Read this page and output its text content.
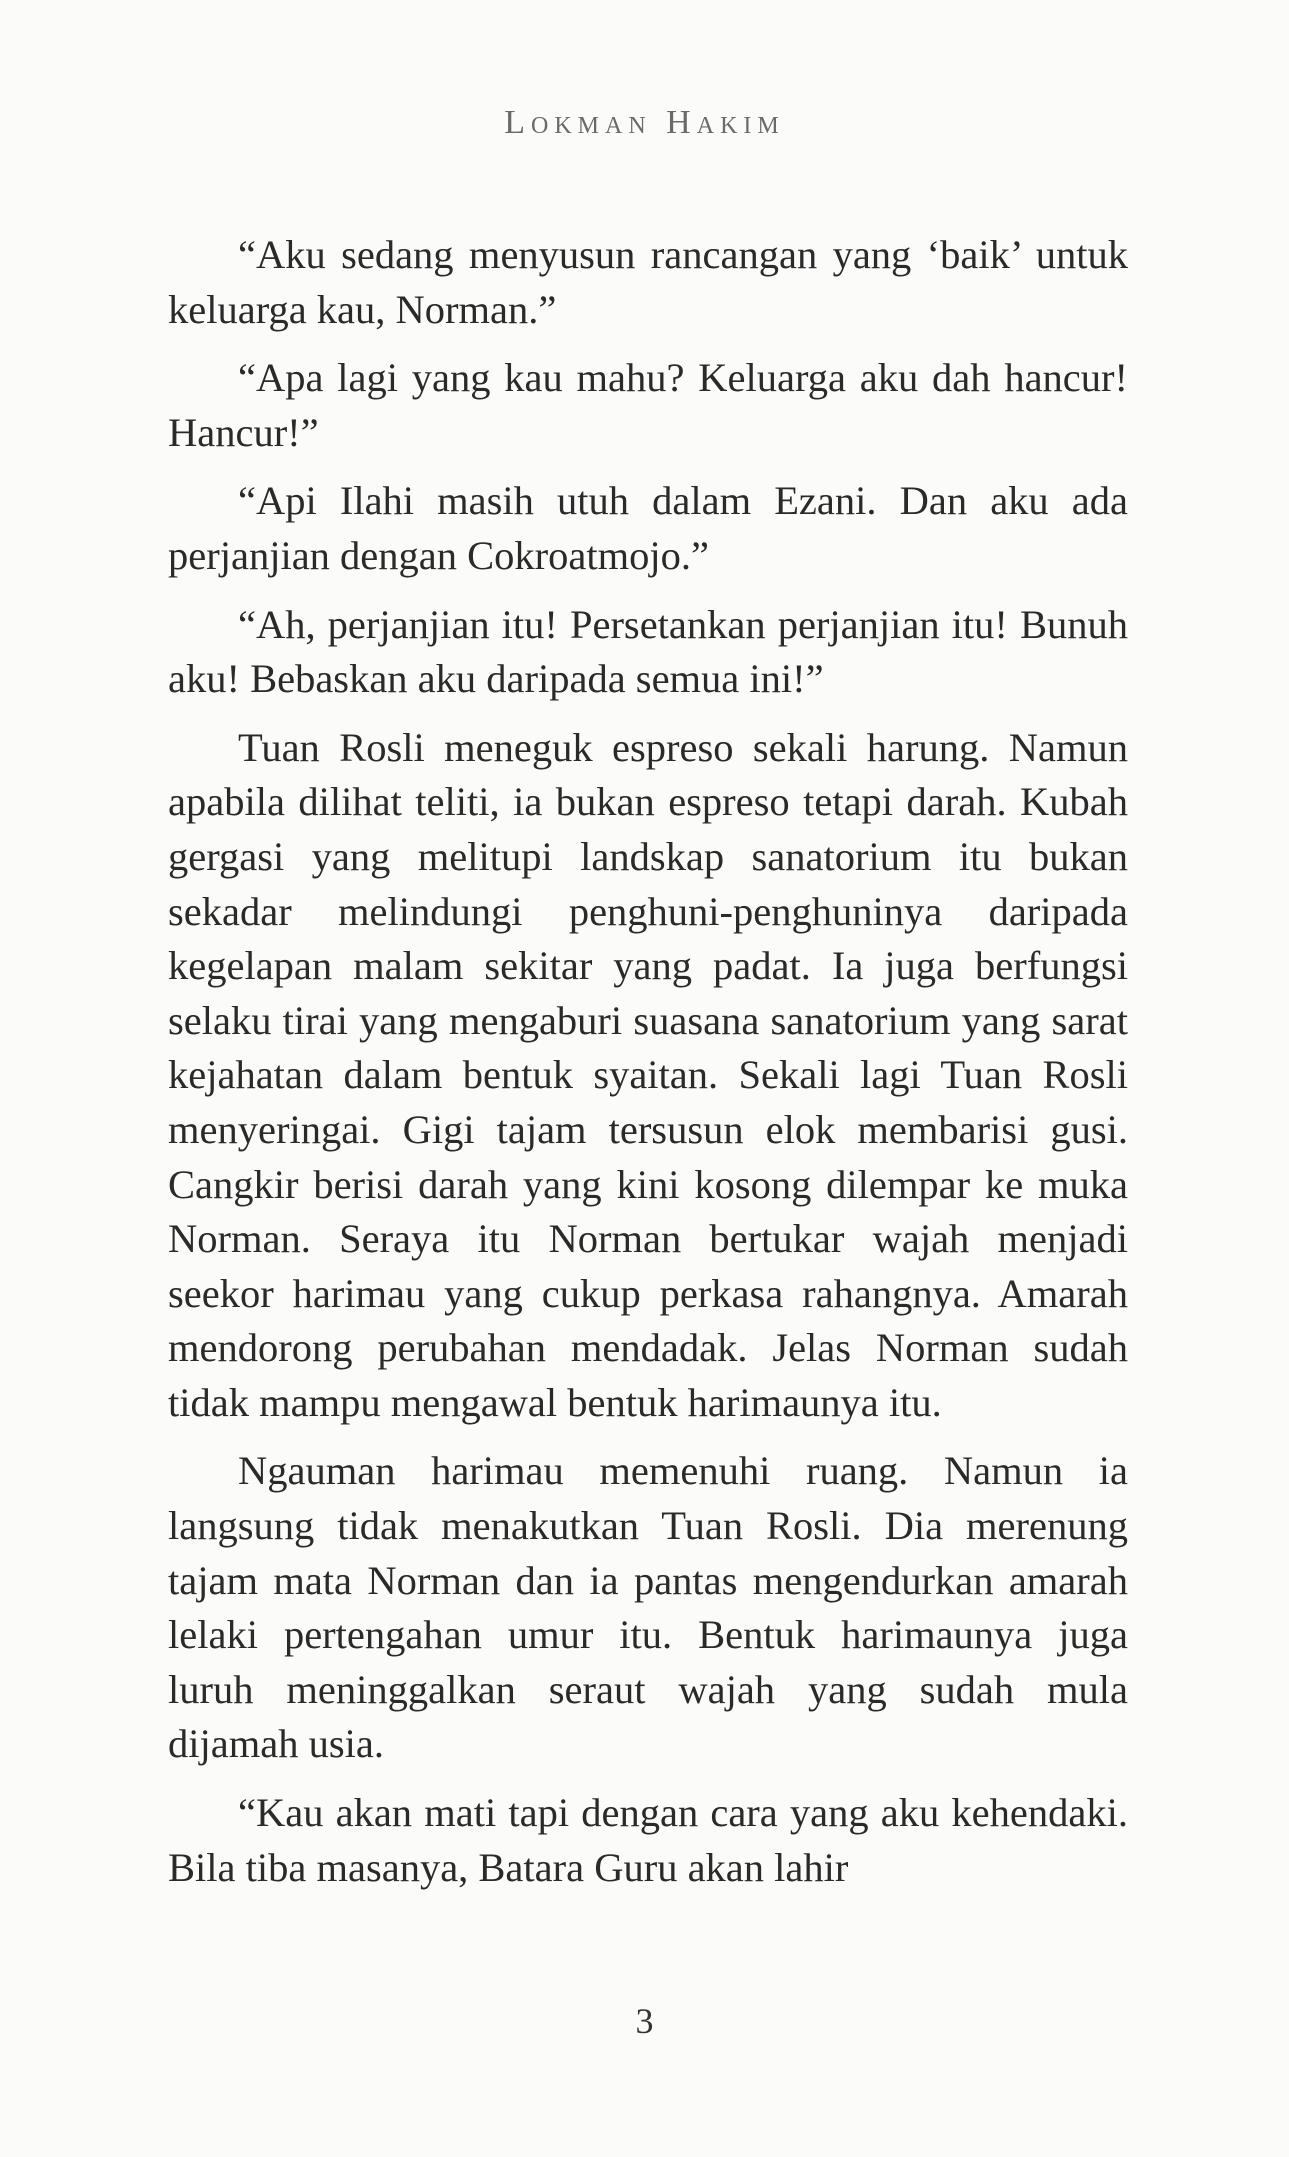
Lokman Hakim

“Aku sedang menyusun rancangan yang ‘baik’ untuk keluarga kau, Norman.”

“Apa lagi yang kau mahu? Keluarga aku dah hancur! Hancur!”

“Api Ilahi masih utuh dalam Ezani. Dan aku ada perjanjian dengan Cokroatmojo.”

“Ah, perjanjian itu! Persetankan perjanjian itu! Bunuh aku! Bebaskan aku daripada semua ini!”

Tuan Rosli meneguk espreso sekali harung. Namun apabila dilihat teliti, ia bukan espreso tetapi darah. Kubah gergasi yang melitupi landskap sanatorium itu bukan sekadar melindungi penghuni-penghuninya daripada kegelapan malam sekitar yang padat. Ia juga berfungsi selaku tirai yang mengaburi suasana sanatorium yang sarat kejahatan dalam bentuk syaitan. Sekali lagi Tuan Rosli menyeringai. Gigi tajam tersusun elok membarisi gusi. Cangkir berisi darah yang kini kosong dilempar ke muka Norman. Seraya itu Norman bertukar wajah menjadi seekor harimau yang cukup perkasa rahangnya. Amarah mendorong perubahan mendadak. Jelas Norman sudah tidak mampu mengawal bentuk harimaunya itu.

Ngauman harimau memenuhi ruang. Namun ia langsung tidak menakutkan Tuan Rosli. Dia merenung tajam mata Norman dan ia pantas mengendurkan amarah lelaki pertengahan umur itu. Bentuk harimaunya juga luruh meninggalkan seraut wajah yang sudah mula dijamah usia.

“Kau akan mati tapi dengan cara yang aku kehendaki. Bila tiba masanya, Batara Guru akan lahir

3
